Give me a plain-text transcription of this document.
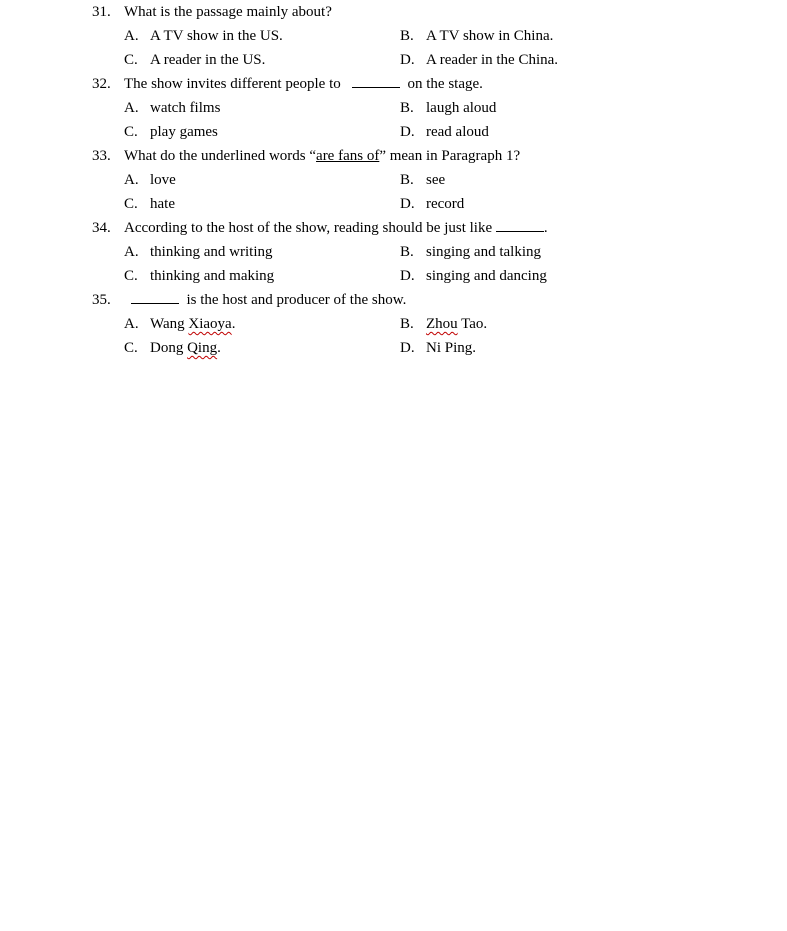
31. What is the passage mainly about?
A. A TV show in the US.	B. A TV show in China.
C. A reader in the US.	D. A reader in the China.
32. The show invites different people to	on the stage.
A. watch films	B. laugh aloud
C. play games	D. read aloud
33. What do the underlined words “are fans of” mean in Paragraph 1?
A. love	B. see
C. hate	D. record
34. According to the host of the show, reading should be just like	.
A. thinking and writing	B. singing and talking
C. thinking and making	D. singing and dancing
35.	is the host and producer of the show.
A. Wang Xiaoya.	B. Zhou Tao.
C. Dong Qing.	D. Ni Ping.
